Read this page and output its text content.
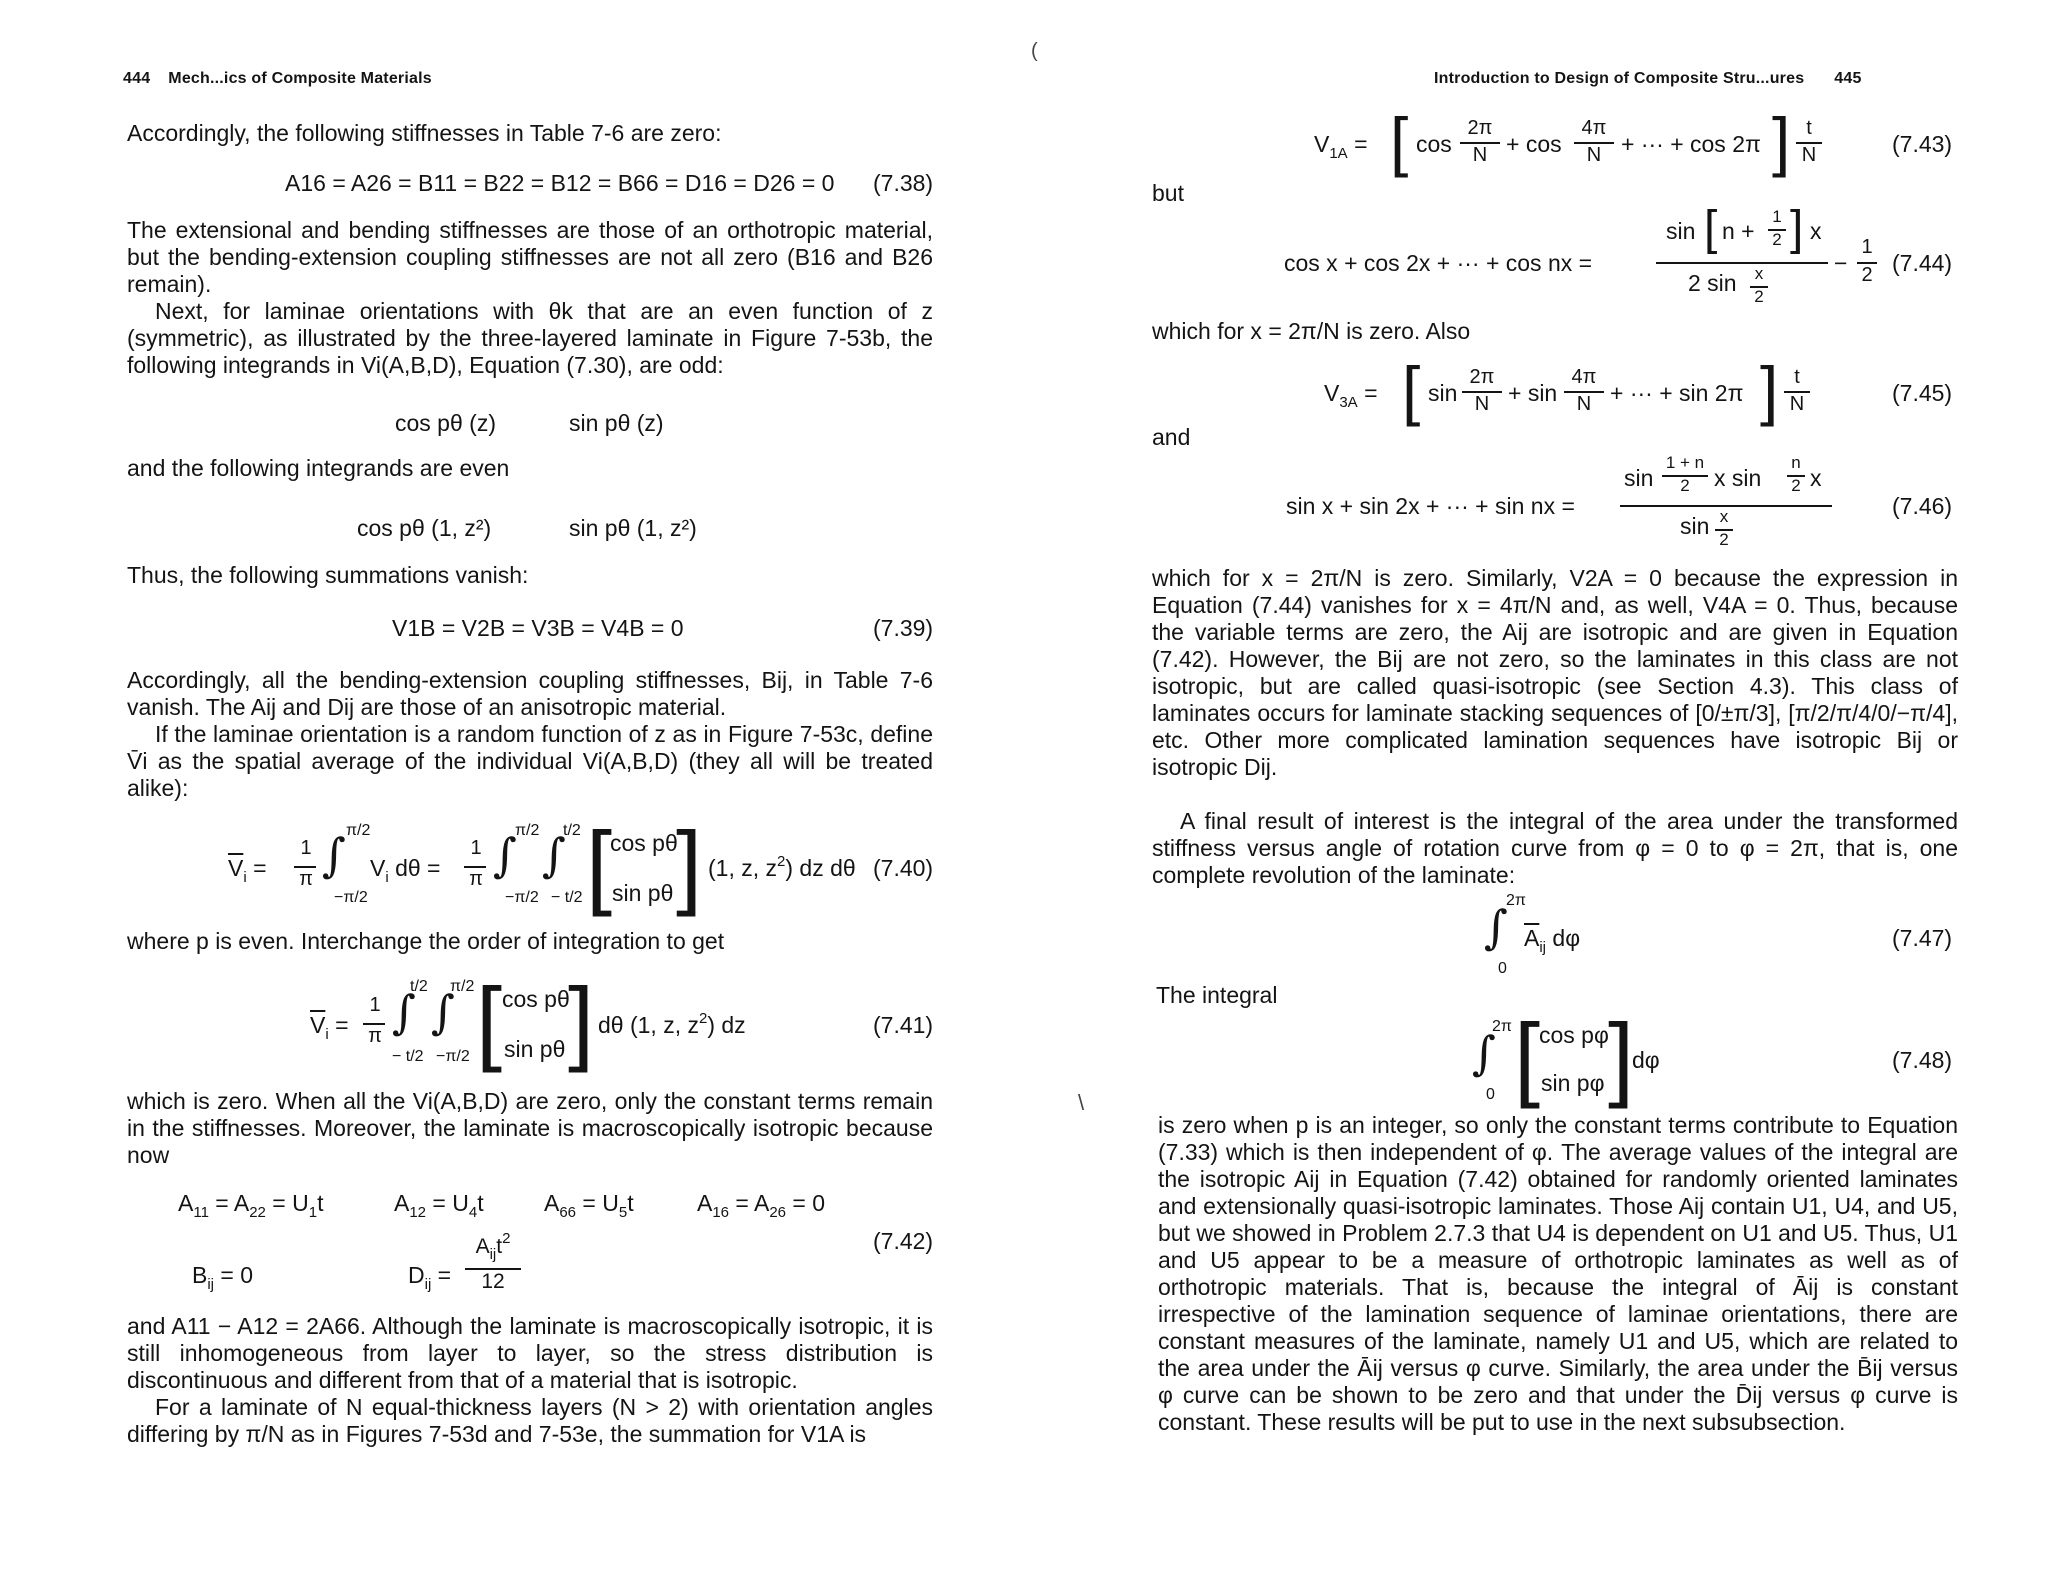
444 Mech...ics of Composite Materials
Accordingly, the following stiffnesses in Table 7-6 are zero:
A16 = A26 = B11 = B22 = B12 = B66 = D16 = D26 = 0 (7.38)
The extensional and bending stiffnesses are those of an orthotropic material, but the bending-extension coupling stiffnesses are not all zero (B16 and B26 remain).
Next, for laminae orientations with θk that are an even function of z (symmetric), as illustrated by the three-layered laminate in Figure 7-53b, the following integrands in Vi(A,B,D), Equation (7.30), are odd:
cos pθ (z)	sin pθ (z)
and the following integrands are even
cos pθ (1, z²)	sin pθ (1, z²)
Thus, the following summations vanish:
V1B = V2B = V3B = V4B = 0	(7.39)
Accordingly, all the bending-extension coupling stiffnesses, Bij, in Table 7-6 vanish. The Aij and Dij are those of an anisotropic material.
If the laminae orientation is a random function of z as in Figure 7-53c, define V̄i as the spatial average of the individual Vi(A,B,D) (they all will be treated alike):
$\overline{V}_i$ =
1
π ∫ π/2
−π/2
$V_i$ dθ =
1
π ∫
π/2
−π/2
∫
t/2
− t/2 [
cos pθ
sin pθ ] (1, z, $z^2$) dz dθ (7.40)
where p is even. Interchange the order of integration to get
$\overline{V}_i$ =
1
π ∫
t/2
− t/2
∫
π/2
−π/2 [ cos pθ
sin pθ ] dθ (1, z, $z^2$) dz	(7.41)
which is zero. When all the Vi(A,B,D) are zero, only the constant terms remain in the stiffnesses. Moreover, the laminate is macroscopically isotropic because now
$A_{11} = A_{22} = U_1t$	$A_{12} = U_4t$	$A_{66} = U_5t$	$A_{16} = A_{26} = 0$
$B_{ij} = 0$	$D_{ij}$ =
$A_{ij}t^2$
12
(7.42)
and A11 − A12 = 2A66. Although the laminate is macroscopically isotropic, it is still inhomogeneous from layer to layer, so the stress distribution is discontinuous and different from that of a material that is isotropic.
For a laminate of N equal-thickness layers (N > 2) with orientation angles differing by π/N as in Figures 7-53d and 7-53e, the summation for V1A is
(
\
Introduction to Design of Composite Stru...ures 445
$V_{1A}$ = [ cos
2π
N + cos
4π
N + ··· + cos 2π ] t
N	(7.43)
but
cos x + cos 2x + ··· + cos nx =
sin [ n +
1
2 ] x
2 sin x
2
−
1
2 (7.44)
which for x = 2π/N is zero. Also
$V_{3A}$ = [ sin
2π
N + sin
4π
N + ··· + sin 2π ] t
N	(7.45)
and
sin x + sin 2x + ··· + sin nx =
sin
1 + n
2	x sin
n
2 x
sin x
2
(7.46)
which for x = 2π/N is zero. Similarly, V2A = 0 because the expression in Equation (7.44) vanishes for x = 4π/N and, as well, V4A = 0. Thus, because the variable terms are zero, the Aij are isotropic and are given in Equation (7.42). However, the Bij are not zero, so the laminates in this class are not isotropic, but are called quasi-isotropic (see Section 4.3). This class of laminates occurs for laminate stacking sequences of [0/±π/3], [π/2/π/4/0/−π/4], etc. Other more complicated lamination sequences have isotropic Bij or isotropic Dij.
A final result of interest is the integral of the area under the transformed stiffness versus angle of rotation curve from φ = 0 to φ = 2π, that is, one complete revolution of the laminate:
∫
2π
0
$\overline{A}_{ij}$ dφ	(7.47)
The integral
∫
2π
0 [
cos pφ
sin pφ ]
dφ	(7.48)
is zero when p is an integer, so only the constant terms contribute to Equation (7.33) which is then independent of φ. The average values of the integral are the isotropic Aij in Equation (7.42) obtained for randomly oriented laminates and extensionally quasi-isotropic laminates. Those Aij contain U1, U4, and U5, but we showed in Problem 2.7.3 that U4 is dependent on U1 and U5. Thus, U1 and U5 appear to be a measure of orthotropic laminates as well as of orthotropic materials. That is, because the integral of Āij is constant irrespective of the lamination sequence of laminae orientations, there are constant measures of the laminate, namely U1 and U5, which are related to the area under the Āij versus φ curve. Similarly, the area under the B̄ij versus φ curve can be shown to be zero and that under the D̄ij versus φ curve is constant. These results will be put to use in the next subsubsection.
